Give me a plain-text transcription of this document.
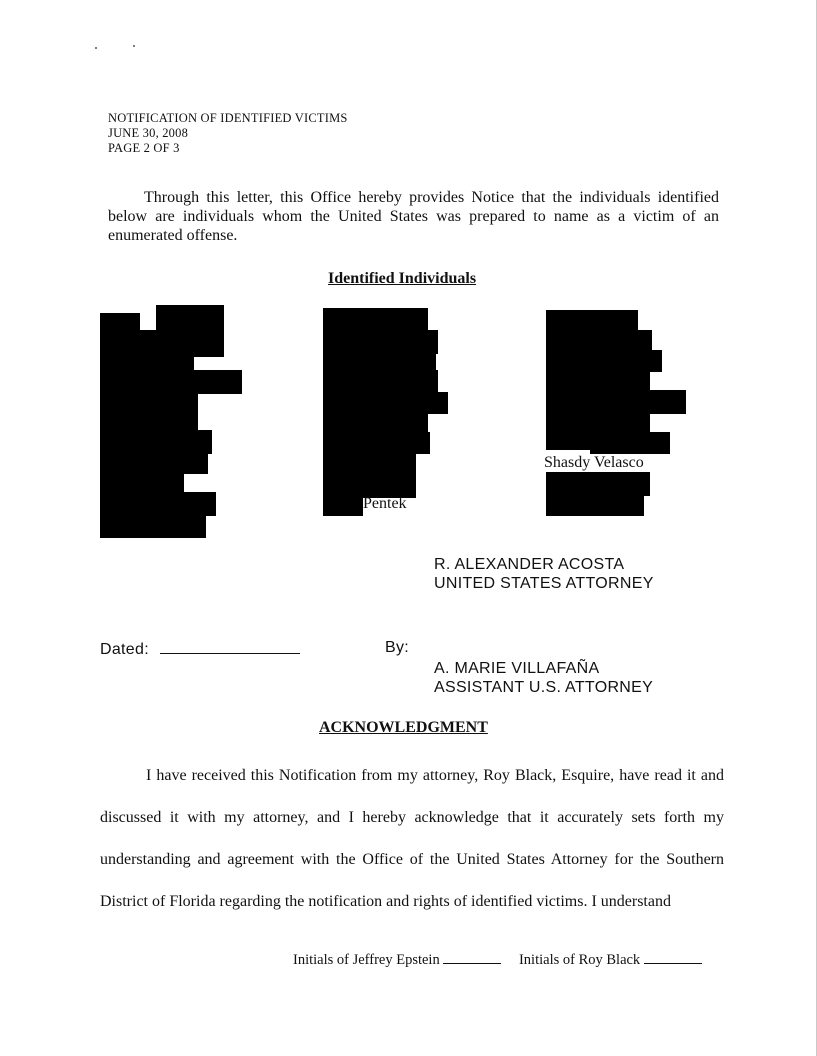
NOTIFICATION OF IDENTIFIED VICTIMS
JUNE 30, 2008
PAGE 2 OF 3
Through this letter, this Office hereby provides Notice that the individuals identified below are individuals whom the United States was prepared to name as a victim of an enumerated offense.
Identified Individuals
Pentek
Shasdy Velasco
R. ALEXANDER ACOSTA
UNITED STATES ATTORNEY
Dated:	By:
A. MARIE VILLAFAÑA
ASSISTANT U.S. ATTORNEY
ACKNOWLEDGMENT
I have received this Notification from my attorney, Roy Black, Esquire, have read it and discussed it with my attorney, and I hereby acknowledge that it accurately sets forth my understanding and agreement with the Office of the United States Attorney for the Southern District of Florida regarding the notification and rights of identified victims. I understand
Initials of Jeffrey Epstein	Initials of Roy Black
